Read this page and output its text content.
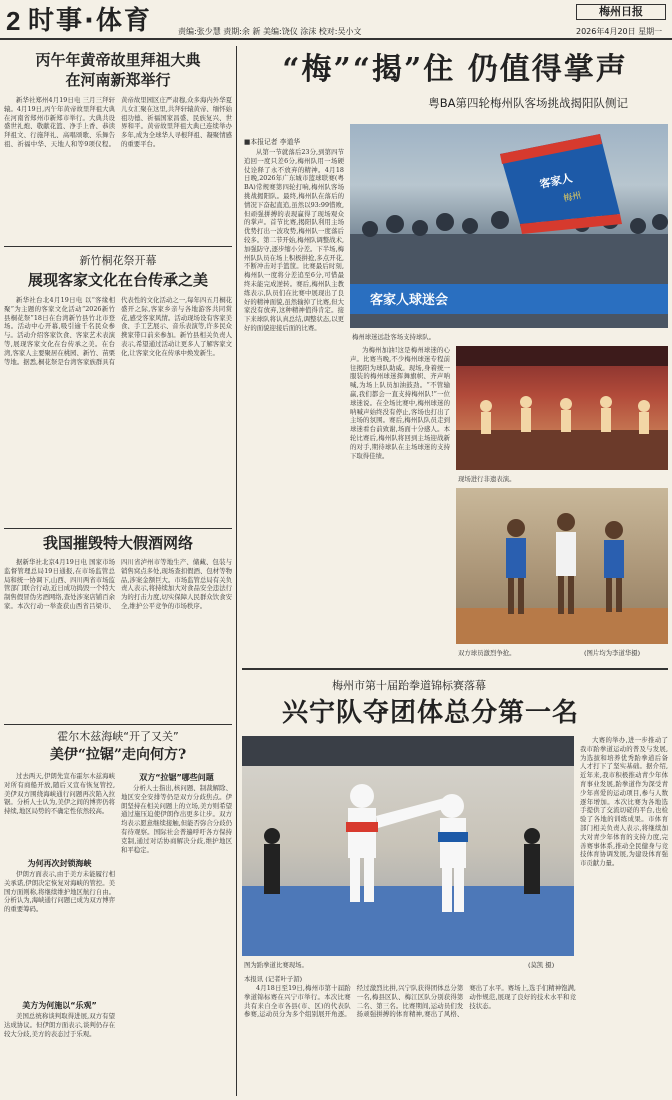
2 时事·体育	责编:张少慧 责期:余 新 美编:饶仪 涂沫 校对:吴小文
梅州日报
2026年4月20日 星期一
丙午年黄帝故里拜祖大典
在河南新郑举行
新华社郑州4月19日电 三月三拜轩辕。4月19日,丙午年黄帝故里拜祖大典在河南省郑州市新郑市举行。大典共设盛世礼炮、敬献花篮、净手上香、恭读拜祖文、行施拜礼、高唱颂歌、乐舞告祖、祈福中华、天地人和等9项仪程。黄帝故里园区庄严肃穆,众多海内外华夏儿女汇聚在这里,共拜轩辕黄帝、缅怀始祖功德、祈福国家昌盛、民族复兴、世界和平。黄帝故里拜祖大典已连续举办多年,成为全球华人寻根拜祖、凝聚情感的重要平台。
新竹桐花祭开幕
展现客家文化在台传承之美
新华社台北4月19日电 以“客缘相聚”为主题的客家文化活动“2026新竹县桐花祭”18日在台湾新竹县竹北市登场。活动中心开幕,吸引逾千名民众参与。活动介绍客家饮食、客家艺术表演等,展现客家文化在台传承之美。在台湾,客家人主要聚居在桃园、新竹、苗栗等地。据悉,桐花祭是台湾客家族群具有代表性的文化活动之一,每年四五月桐花盛开之际,客家乡亲与各地游客共同赏花,感受客家风情。活动现场设有客家美食、手工艺展示、音乐表演等,许多民众携家带口前来参加。新竹县相关负责人表示,希望通过活动让更多人了解客家文化,让客家文化在传承中焕发新生。
我国摧毁特大假酒网络
据新华社北京4月19日电 国家市场监督管理总局19日通报,在市场监管总局和统一协调下,山西、四川两省市场监管部门联合行动,近日成功捣毁一个特大制售假冒伪劣酒网络,查处涉案店铺百余家。本次行动一举查获山西省吕梁市、四川省泸州市等地生产、储藏、包装与销售窝点多处,现场查扣假酒、包材等物品,涉案金额巨大。市场监管总局有关负责人表示,将持续加大对食品安全违法行为的打击力度,切实保障人民群众饮食安全,维护公平竞争的市场秩序。
霍尔木兹海峡“开了又关”
美伊“拉锯”走向何方?
过去两天,伊朗先宣布霍尔木兹海峡对所有商船开放,随后又宣布恢复管控,美伊双方围绕海峡通行问题再次陷入拉锯。分析人士认为,美伊之间的博弈仍将持续,地区局势的不确定性依然较高。
为何再次封锁海峡
伊朗方面表示,由于美方未能履行相关承诺,伊朗决定恢复对海峡的管控。美国方面则称,将继续维护地区航行自由。分析认为,海峡通行问题已成为双方博弈的重要筹码。
美方为何施以“乐观”
美国总统称谈判取得进展,双方有望达成协议。但伊朗方面表示,谈判仍存在较大分歧,美方的表态过于乐观。
双方“拉锯”哪些问题
分析人士指出,核问题、制裁解除、地区安全安排等仍是双方分歧焦点。伊朗坚持在相关问题上的立场,美方则希望通过施压迫使伊朗作出更多让步。双方均表示愿意继续接触,但能否弥合分歧仍有待观察。国际社会普遍呼吁各方保持克制,通过对话协商解决分歧,维护地区和平稳定。
“梅”“揭”住 仍值得掌声
粤BA第四轮梅州队客场挑战揭阳队侧记
■本报记者 李道华
从第一节就落后23分,到第四节追回一度只差6分,梅州队用一场硬仗诠释了永不放弃的精神。4月18日晚,2026年广东城市篮球联赛(粤BA)常规赛第四轮打响,梅州队客场挑战揭阳队。最终,梅州队在落后的情况下奋起直追,虽然以93:99惜败,但顽强拼搏的表现赢得了现场观众的掌声。首节比赛,揭阳队利用主场优势打出一波攻势,梅州队一度落后较多。第二节开始,梅州队调整战术,加强防守,逐步缩小分差。下半场,梅州队队员在场上积极拼抢,多点开花,不断冲击对手篮筐。比赛最后时刻,梅州队一度将分差追至6分,可惜最终未能完成逆转。赛后,梅州队主教练表示,队员们在比赛中展现出了良好的精神面貌,虽然输掉了比赛,但大家没有放弃,这种精神值得肯定。接下来球队将认真总结,调整状态,以更好的面貌迎接后面的比赛。
客家人球迷会
客家人
梅州
梅州球迷远赴客场支持球队。
为梅州加油!这是梅州球迷的心声。比赛当晚,不少梅州球迷专程前往揭阳为球队助威。现场,身着统一服装的梅州球迷挥舞旗帜、齐声呐喊,为场上队员加油鼓劲。“不管输赢,我们都会一直支持梅州队!”一位球迷说。在全场比赛中,梅州球迷的呐喊声始终没有停止,客场也打出了主场的氛围。赛后,梅州队队员走到球迷看台前致谢,场面十分感人。本轮比赛后,梅州队将回到主场迎战新的对手,期待球队在主场球迷的支持下取得佳绩。
现场进行非遗表演。
双方球员激烈争抢。	(图片均为李道华摄)
梅州市第十届跆拳道锦标赛落幕
兴宁队夺团体总分第一名
图为跆拳道比赛现场。	(莫凯 摄)
大赛的举办,进一步推动了我市跆拳道运动的普及与发展,为选拔和培养优秀跆拳道后备人才打下了坚实基础。据介绍,近年来,我市积极推动青少年体育事业发展,跆拳道作为深受青少年喜爱的运动项目,参与人数逐年增加。本次比赛为各地选手提供了交流切磋的平台,也检验了各地的训练成果。市体育部门相关负责人表示,将继续加大对青少年体育的支持力度,完善赛事体系,推动全民健身与竞技体育协调发展,为建设体育强市贡献力量。
本报讯 (记者叶子湄)
4月18日至19日,梅州市第十届跆拳道锦标赛在兴宁市举行。本次比赛共有来自全市各县(市、区)的代表队参赛,运动员分为多个组别展开角逐。经过激烈比拼,兴宁队获得团体总分第一名,梅县区队、梅江区队分别获得第二名、第三名。比赛期间,运动员们发扬顽强拼搏的体育精神,赛出了风格、赛出了水平。赛场上,选手们精神饱满,动作规范,展现了良好的技术水平和竞技状态。
